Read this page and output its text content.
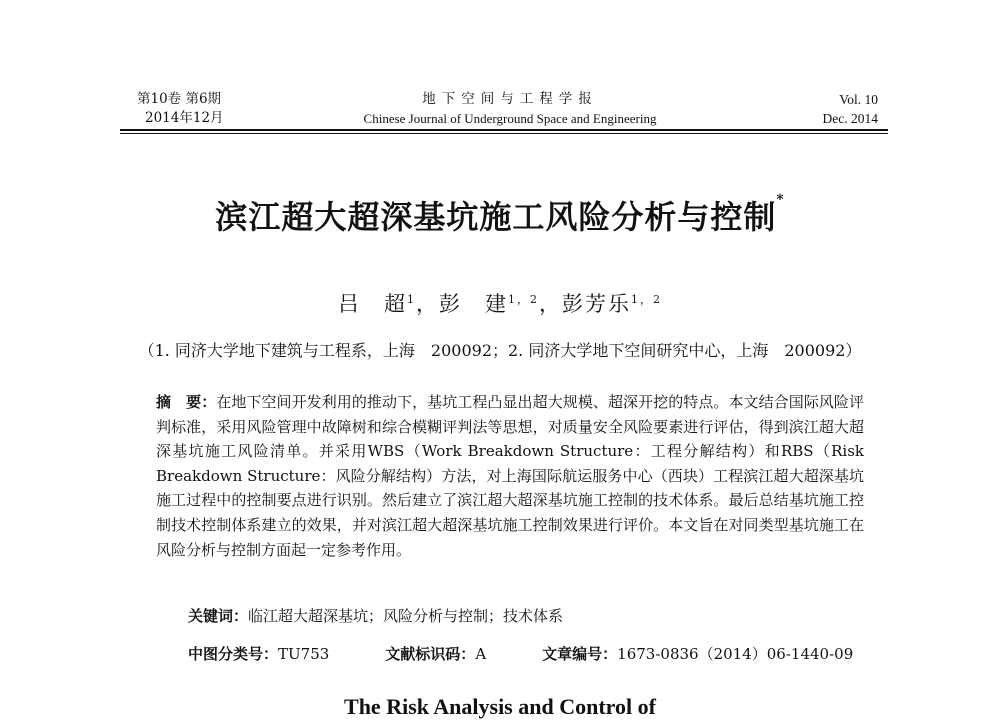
第10卷 第6期
2014年12月
地下空间与工程学报
Chinese Journal of Underground Space and Engineering
Vol. 10
Dec. 2014
滨江超大超深基坑施工风险分析与控制*
吕　超$^1$，彭　建$^{1,2}$，彭芳乐$^{1,2}$
（1. 同济大学地下建筑与工程系，上海　200092；2. 同济大学地下空间研究中心，上海　200092）
摘　要：在地下空间开发利用的推动下，基坑工程凸显出超大规模、超深开挖的特点。本文结合国际风险评判标准，采用风险管理中故障树和综合模糊评判法等思想，对质量安全风险要素进行评估，得到滨江超大超深基坑施工风险清单。并采用WBS（Work Breakdown Structure：工程分解结构）和RBS（Risk Breakdown Structure：风险分解结构）方法，对上海国际航运服务中心（西块）工程滨江超大超深基坑施工过程中的控制要点进行识别。然后建立了滨江超大超深基坑施工控制的技术体系。最后总结基坑施工控制技术控制体系建立的效果，并对滨江超大超深基坑施工控制效果进行评价。本文旨在对同类型基坑施工在风险分析与控制方面起一定参考作用。
关键词：临江超大超深基坑；风险分析与控制；技术体系
中图分类号：TU753	文献标识码：A	文章编号：1673-0836（2014）06-1440-09
The Risk Analysis and Control of
